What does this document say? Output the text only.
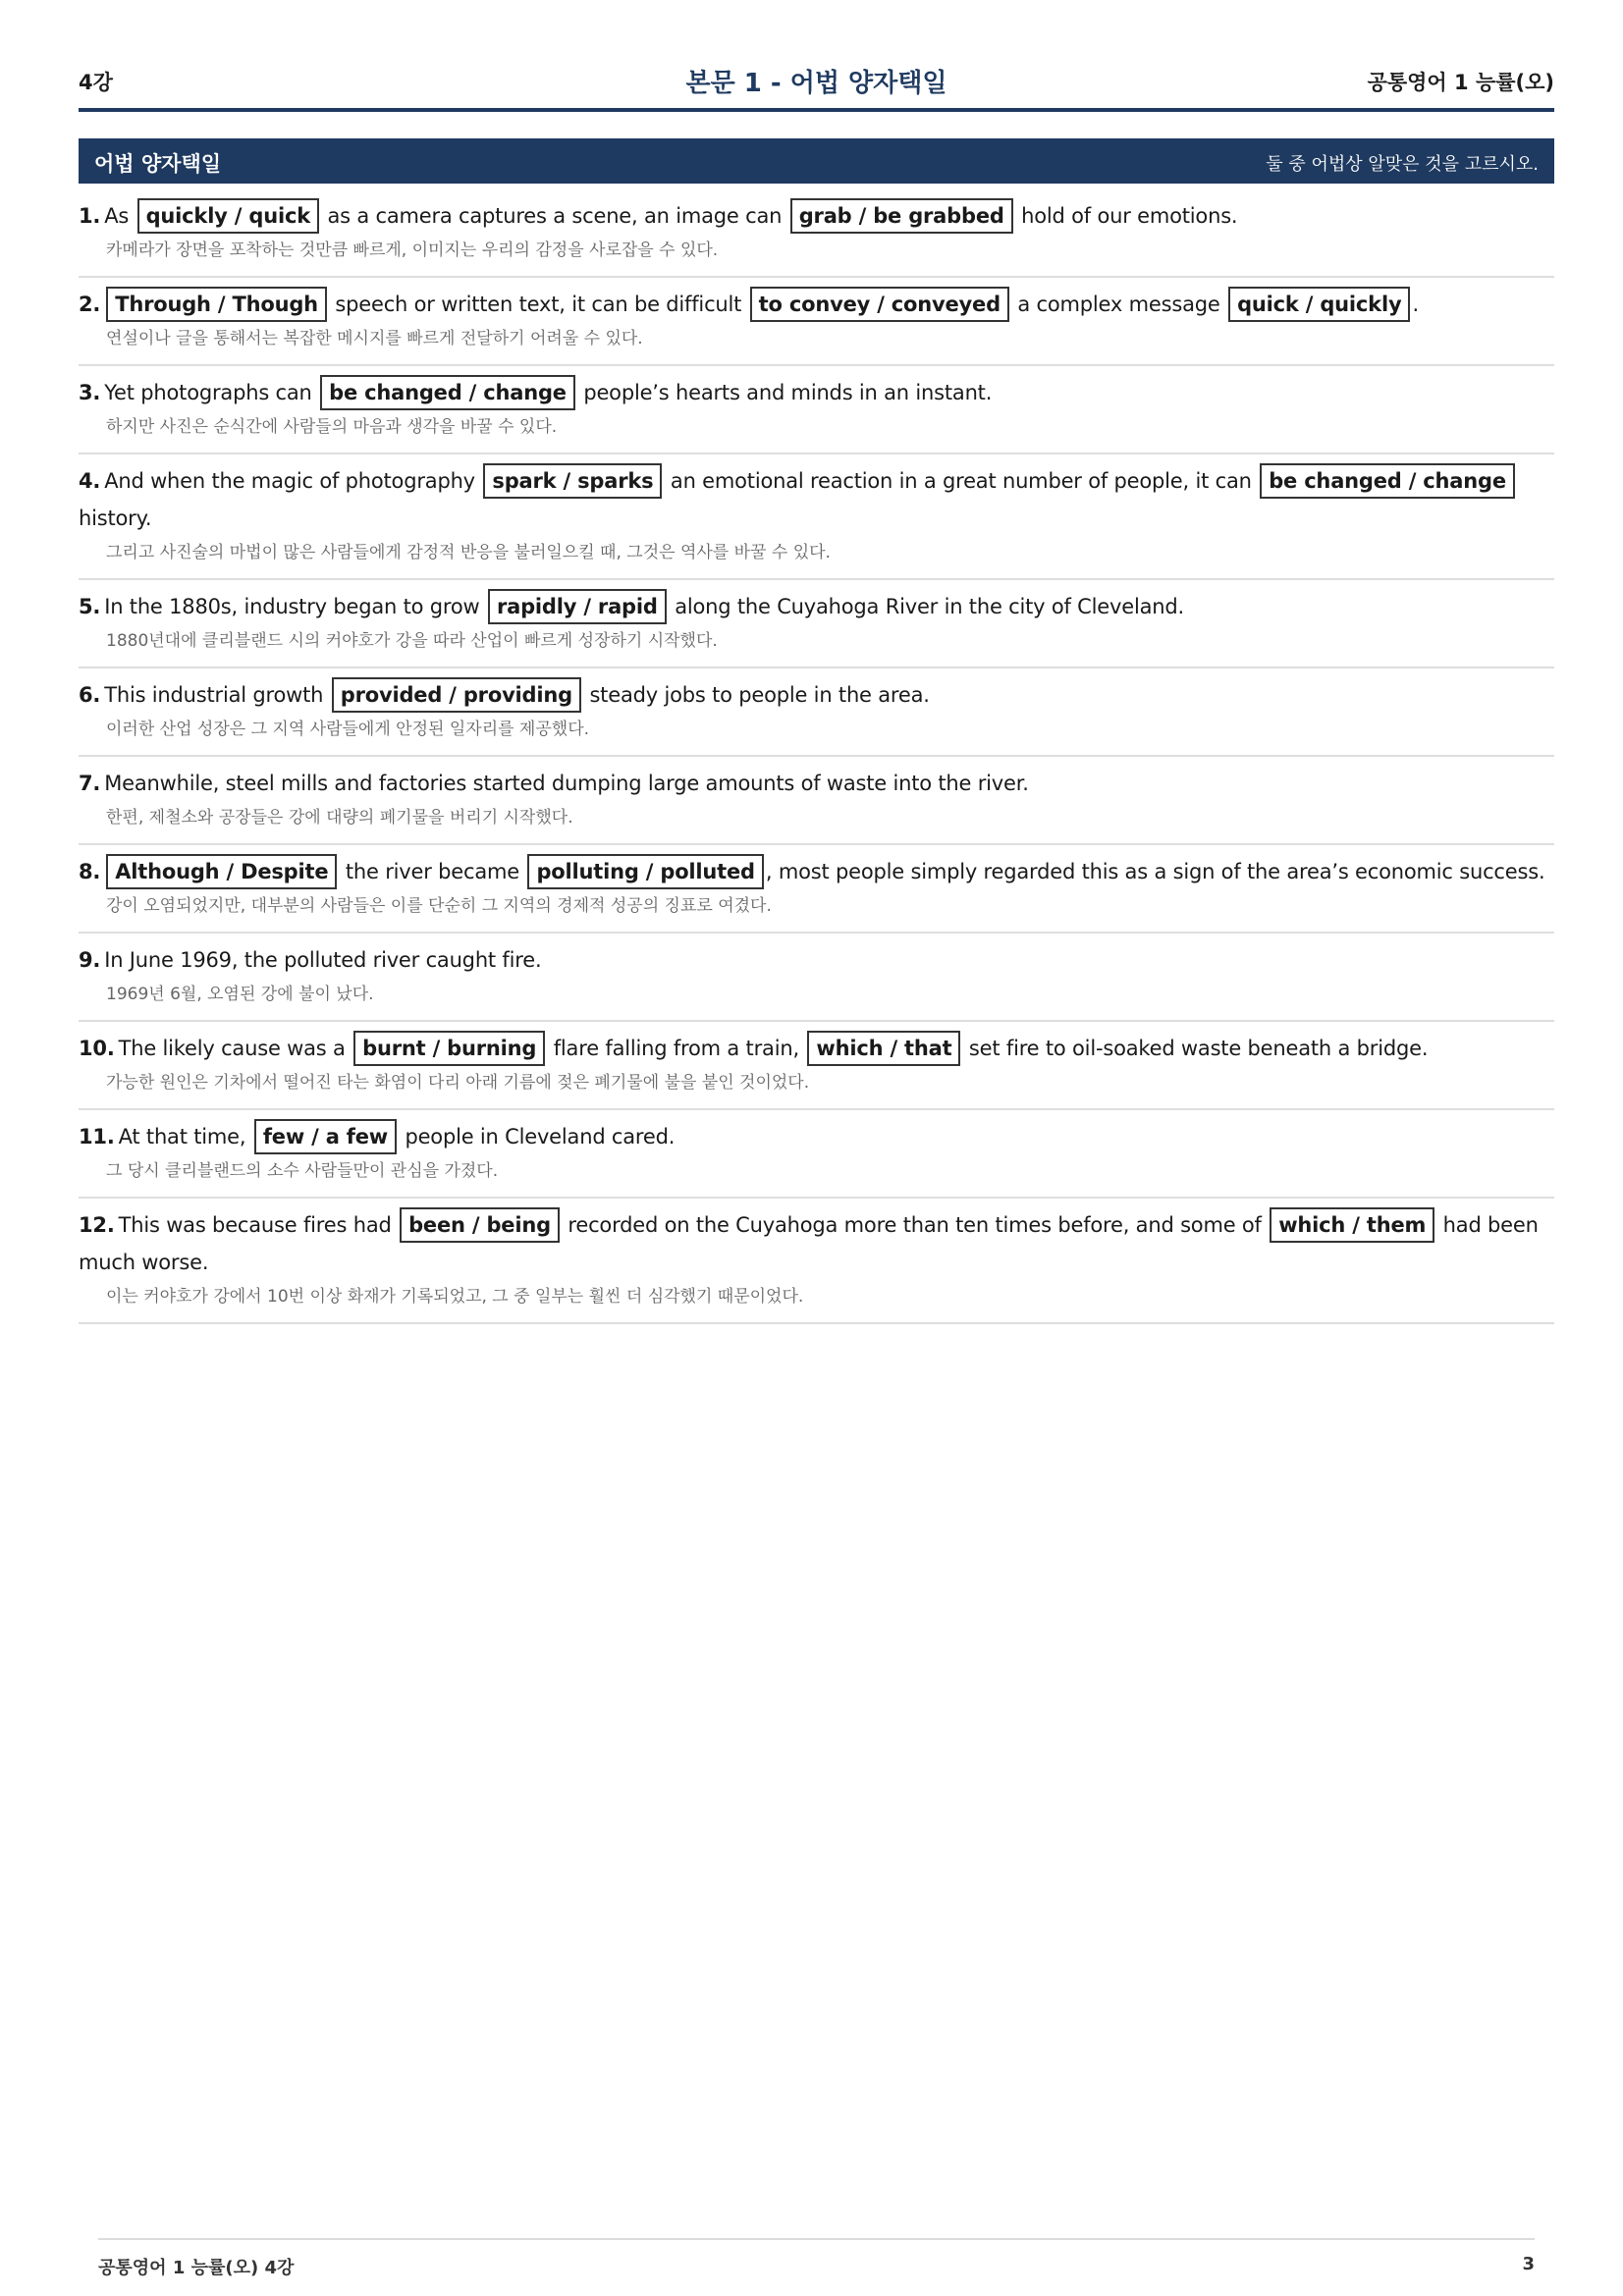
4강	본문 1 - 어법 양자택일	공통영어 1 능률(오)
어법 양자택일	둘 중 어법상 알맞은 것을 고르시오.
1. As quickly / quick as a camera captures a scene, an image can grab / be grabbed hold of our emotions.
카메라가 장면을 포착하는 것만큼 빠르게, 이미지는 우리의 감정을 사로잡을 수 있다.
2. Through / Though speech or written text, it can be difficult to convey / conveyed a complex message quick / quickly .
연설이나 글을 통해서는 복잡한 메시지를 빠르게 전달하기 어려울 수 있다.
3. Yet photographs can be changed / change people’s hearts and minds in an instant.
하지만 사진은 순식간에 사람들의 마음과 생각을 바꿀 수 있다.
4. And when the magic of photography spark / sparks an emotional reaction in a great number of people, it can be changed / change history.
그리고 사진술의 마법이 많은 사람들에게 감정적 반응을 불러일으킬 때, 그것은 역사를 바꿀 수 있다.
5. In the 1880s, industry began to grow rapidly / rapid along the Cuyahoga River in the city of Cleveland.
1880년대에 클리블랜드 시의 커야호가 강을 따라 산업이 빠르게 성장하기 시작했다.
6. This industrial growth provided / providing steady jobs to people in the area.
이러한 산업 성장은 그 지역 사람들에게 안정된 일자리를 제공했다.
7. Meanwhile, steel mills and factories started dumping large amounts of waste into the river.
한편, 제철소와 공장들은 강에 대량의 폐기물을 버리기 시작했다.
8. Although / Despite the river became polluting / polluted , most people simply regarded this as a sign of the area’s economic success.
강이 오염되었지만, 대부분의 사람들은 이를 단순히 그 지역의 경제적 성공의 징표로 여겼다.
9. In June 1969, the polluted river caught fire.
1969년 6월, 오염된 강에 불이 났다.
10. The likely cause was a burnt / burning flare falling from a train, which / that set fire to oil-soaked waste beneath a bridge.
가능한 원인은 기차에서 떨어진 타는 화염이 다리 아래 기름에 젖은 폐기물에 불을 붙인 것이었다.
11. At that time, few / a few people in Cleveland cared.
그 당시 클리블랜드의 소수 사람들만이 관심을 가졌다.
12. This was because fires had been / being recorded on the Cuyahoga more than ten times before, and some of which / them had been much worse.
이는 커야호가 강에서 10번 이상 화재가 기록되었고, 그 중 일부는 훨씬 더 심각했기 때문이었다.
공통영어 1 능률(오) 4강	3
